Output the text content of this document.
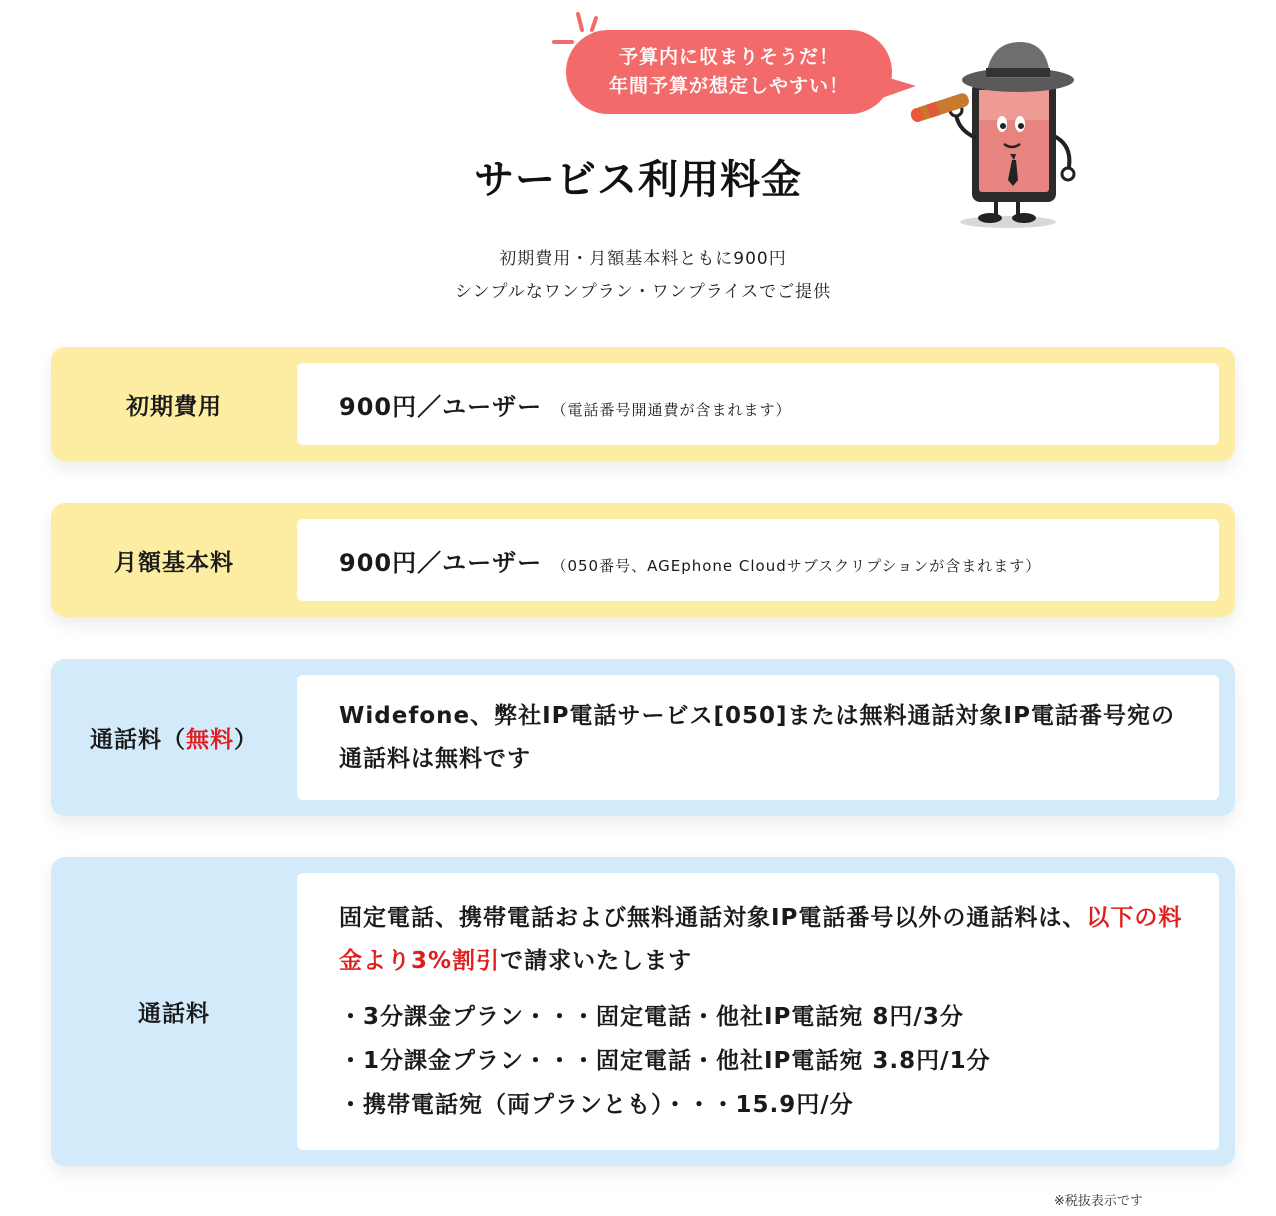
予算内に収まりそうだ！
年間予算が想定しやすい！
サービス利用料金
初期費用・月額基本料ともに900円
シンプルなワンプラン・ワンプライスでご提供
初期費用	900円／ユーザー （電話番号開通費が含まれます）
月額基本料	900円／ユーザー （050番号、AGEphone Cloudサブスクリプションが含まれます）
通話料（ 無料 ）
Widefone、弊社IP電話サービス[050]または無料通話対象IP電話番号宛の通話料は無料です
通話料
固定電話、携帯電話および無料通話対象IP電話番号以外の通話料は、以下の料金より3%割引で請求いたします
・3分課金プラン・・・固定電話・他社IP電話宛 8円/3分
・1分課金プラン・・・固定電話・他社IP電話宛 3.8円/1分
・携帯電話宛（両プランとも）・・・15.9円/分
※税抜表示です
